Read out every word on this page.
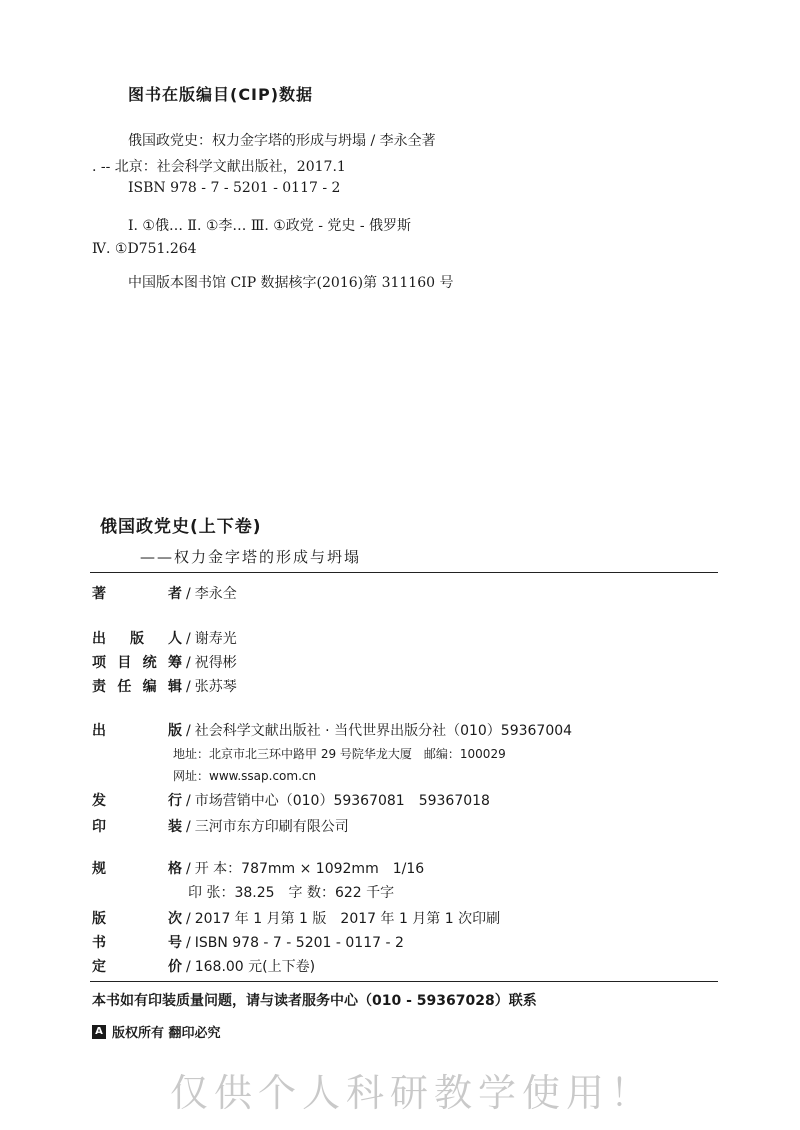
图书在版编目(CIP)数据
俄国政党史：权力金字塔的形成与坍塌 / 李永全著
. -- 北京：社会科学文献出版社，2017.1
ISBN 978 - 7 - 5201 - 0117 - 2
Ⅰ. ①俄… Ⅱ. ①李… Ⅲ. ①政党 - 党史 - 俄罗斯
Ⅳ. ①D751.264
中国版本图书馆 CIP 数据核字(2016)第 311160 号
俄国政党史(上下卷)
——权力金字塔的形成与坍塌
著　　者 / 李永全
出 版 人 / 谢寿光
项目统筹 / 祝得彬
责任编辑 / 张苏琴
出　　版 / 社会科学文献出版社 · 当代世界出版分社（010）59367004
地址：北京市北三环中路甲 29 号院华龙大厦　邮编：100029
网址：www.ssap.com.cn
发　　行 / 市场营销中心（010）59367081　59367018
印　　装 / 三河市东方印刷有限公司
规　　格 / 开 本：787mm × 1092mm　1/16
印 张：38.25　字 数：622 千字
版　　次 / 2017 年 1 月第 1 版　2017 年 1 月第 1 次印刷
书　　号 / ISBN 978 - 7 - 5201 - 0117 - 2
定　　价 / 168.00 元(上下卷)
本书如有印装质量问题，请与读者服务中心（010 - 59367028）联系
A 版权所有 翻印必究
仅供个人科研教学使用！
